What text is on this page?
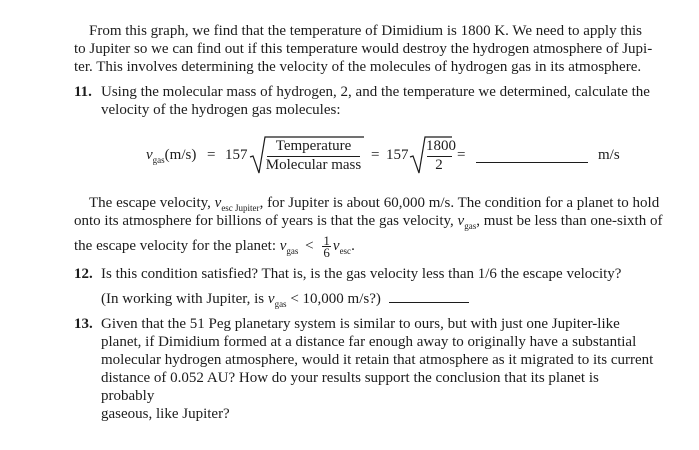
From this graph, we find that the temperature of Dimidium is 1800 K. We need to apply this
to Jupiter so we can find out if this temperature would destroy the hydrogen atmosphere of Jupi-
ter. This involves determining the velocity of the molecules of hydrogen gas in its atmosphere.
11. Using the molecular mass of hydrogen, 2, and the temperature we determined, calculate the
velocity of the hydrogen gas molecules:
$v_{gas}(m/s) = 157$
Temperature
Molecular mass
= 157
1800
2
=	m/s
The escape velocity, $v_{esc Jupiter}$, for Jupiter is about 60,000 m/s. The condition for a planet to hold
onto its atmosphere for billions of years is that the gas velocity, $v_{gas}$, must be less than one-sixth of
the escape velocity for the planet: $v_{gas} < \frac{1}{6} v_{esc}$.
12. Is this condition satisfied? That is, is the gas velocity less than 1/6 the escape velocity?
(In working with Jupiter, is $v_{gas} < 10,000$ m/s?)
13. Given that the 51 Peg planetary system is similar to ours, but with just one Jupiter-like
planet, if Dimidium formed at a distance far enough away to originally have a substantial
molecular hydrogen atmosphere, would it retain that atmosphere as it migrated to its current
distance of 0.052 AU? How do your results support the conclusion that its planet is probably
gaseous, like Jupiter?
